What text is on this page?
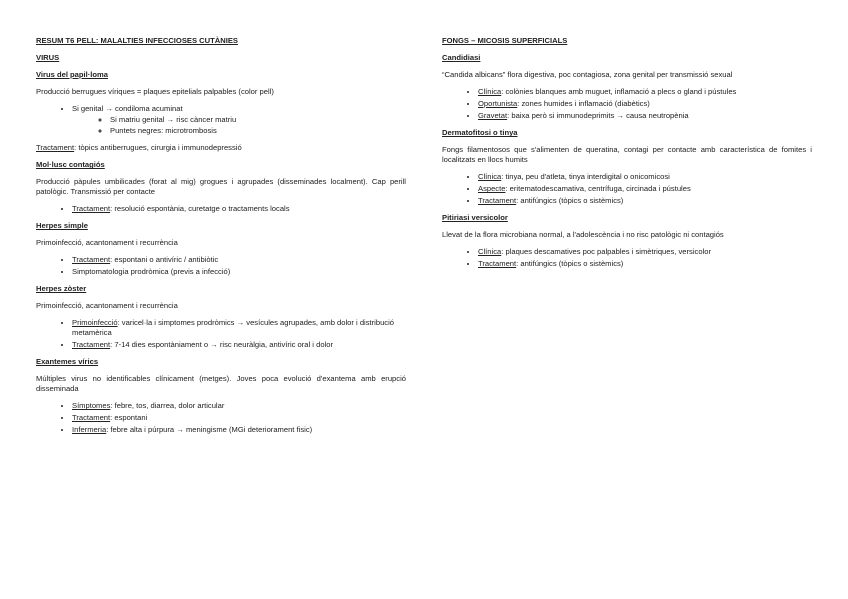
RESUM T6 PELL: MALALTIES INFECCIOSES CUTÀNIES
VIRUS
Virus del papil·loma
Producció berrugues víriques = plaques epitelials palpables (color pell)
• Si genital → condiloma acuminat
◦ Si matriu genital → risc càncer matriu
◦ Puntets negres: microtrombosis
Tractament: tòpics antiberrugues, cirurgia i immunodepressió
Mol·lusc contagiós
Producció pàpules umbilicades (forat al mig) grogues i agrupades (disseminades localment). Cap perill patològic. Transmissió per contacte
• Tractament: resolució espontània, curetatge o tractaments locals
Herpes simple
Primoinfecció, acantonament i recurrència
• Tractament: espontani o antivíric / antibiòtic
• Simptomatologia prodròmica (previs a infecció)
Herpes zòster
Primoinfecció, acantonament i recurrència
• Primoinfecció: varicel·la i simptomes prodròmics → vesícules agrupades, amb dolor i distribució metamèrica
• Tractament: 7-14 dies espontàniament o → risc neuràlgia, antivíric oral i dolor
Exantemes vírics
Múltiples virus no identificables clínicament (metges). Joves poca evolució d'exantema amb erupció disseminada
• Símptomes: febre, tos, diarrea, dolor articular
• Tractament: espontani
• Infermeria: febre alta i púrpura → meningisme (MGi deteriorament fisic)
FONGS – MICOSIS SUPERFICIALS
Candidiasi
“Candida albicans” flora digestiva, poc contagiosa, zona genital per transmissió sexual
• Clínica: colònies blanques amb muguet, inflamació a plecs o gland i pústules
• Oportunista: zones humides i inflamació (diabètics)
• Gravetat: baixa però si immunodeprimits → causa neutropènia
Dermatofitosi o tinya
Fongs filamentosos que s'alimenten de queratina, contagi per contacte amb característica de fomites i localitzats en llocs humits
• Clínica: tinya, peu d'atleta, tinya interdigital o onicomicosi
• Aspecte: eritematodescamativa, centrífuga, circinada i pústules
• Tractament: antifúngics (tòpics o sistèmics)
Pitiriasi versicolor
Llevat de la flora microbiana normal, a l'adolescència i no risc patològic ni contagiós
• Clínica: plaques descamatives poc palpables i simètriques, versicolor
• Tractament: antifúngics (tòpics o sistèmics)
